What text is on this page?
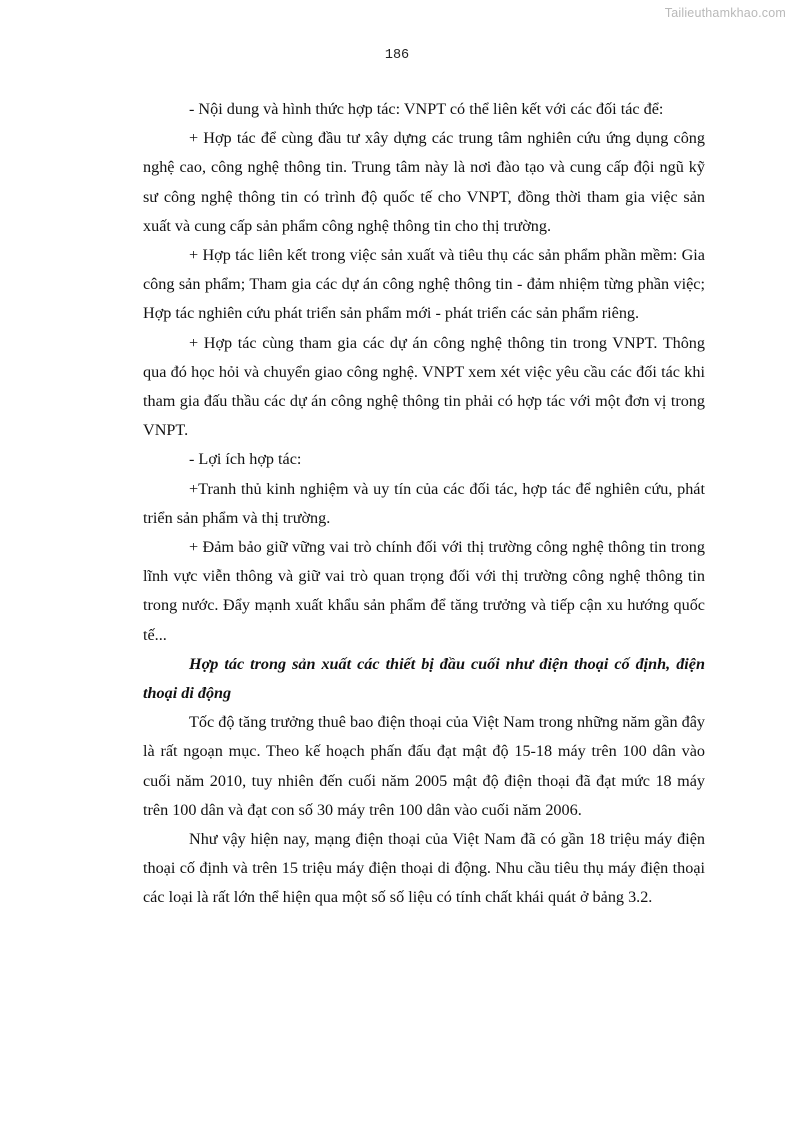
Tailieuthamkhao.com
186

- Nội dung và hình thức hợp tác: VNPT có thể liên kết với các đối tác để:

+ Hợp tác để cùng đầu tư xây dựng các trung tâm nghiên cứu ứng dụng công nghệ cao, công nghệ thông tin. Trung tâm này là nơi đào tạo và cung cấp đội ngũ kỹ sư công nghệ thông tin có trình độ quốc tế cho VNPT, đồng thời tham gia việc sản xuất và cung cấp sản phẩm công nghệ thông tin cho thị trường.

+ Hợp tác liên kết trong việc sản xuất và tiêu thụ các sản phẩm phần mềm: Gia công sản phẩm; Tham gia các dự án công nghệ thông tin - đảm nhiệm từng phần việc; Hợp tác nghiên cứu phát triển sản phẩm mới - phát triển các sản phẩm riêng.

+ Hợp tác cùng tham gia các dự án công nghệ thông tin trong VNPT. Thông qua đó học hỏi và chuyển giao công nghệ. VNPT xem xét việc yêu cầu các đối tác khi tham gia đấu thầu các dự án công nghệ thông tin phải có hợp tác với một đơn vị trong VNPT.

- Lợi ích hợp tác:

+Tranh thủ kinh nghiệm và uy tín của các đối tác, hợp tác để nghiên cứu, phát triển sản phẩm và thị trường.

+ Đảm bảo giữ vững vai trò chính đối với thị trường công nghệ thông tin trong lĩnh vực viễn thông và giữ vai trò quan trọng đối với thị trường công nghệ thông tin trong nước. Đẩy mạnh xuất khẩu sản phẩm để tăng trưởng và tiếp cận xu hướng quốc tế...

Hợp tác trong sản xuất các thiết bị đầu cuối như điện thoại cố định, điện thoại di động

Tốc độ tăng trưởng thuê bao điện thoại của Việt Nam trong những năm gần đây là rất ngoạn mục. Theo kế hoạch phấn đấu đạt mật độ 15-18 máy trên 100 dân vào cuối năm 2010, tuy nhiên đến cuối năm 2005 mật độ điện thoại đã đạt mức 18 máy trên 100 dân và đạt con số 30 máy trên 100 dân vào cuối năm 2006.

Như vậy hiện nay, mạng điện thoại của Việt Nam đã có gần 18 triệu máy điện thoại cố định và trên 15 triệu máy điện thoại di động. Nhu cầu tiêu thụ máy điện thoại các loại là rất lớn thể hiện qua một số số liệu có tính chất khái quát ở bảng 3.2.
